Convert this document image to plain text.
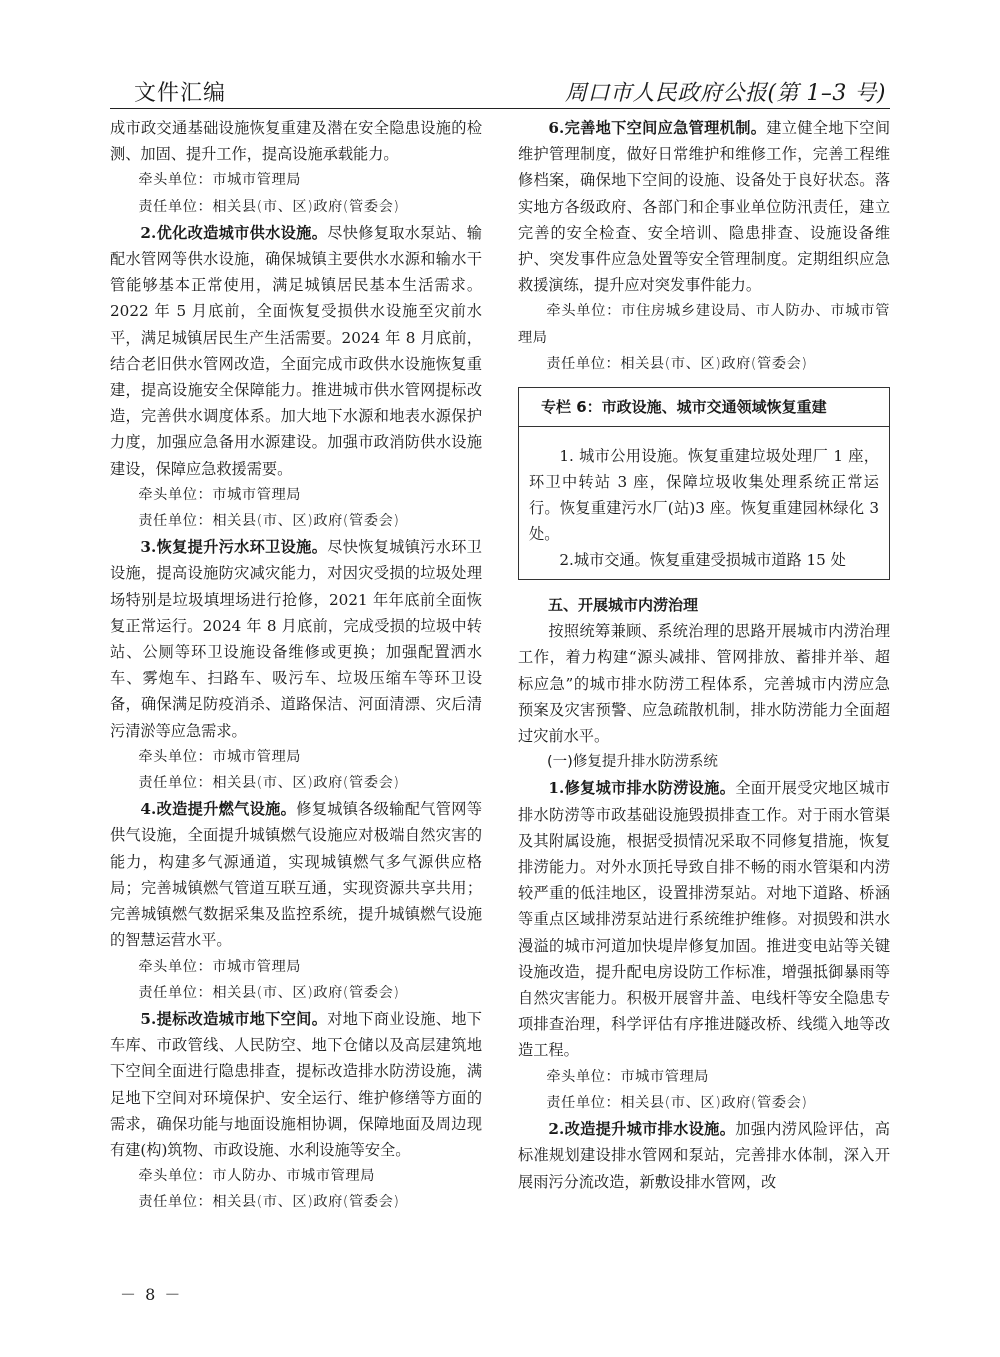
文件汇编	周口市人民政府公报(第 1–3 号)

成市政交通基础设施恢复重建及潜在安全隐患设施的检测、加固、提升工作，提高设施承载能力。

牵头单位：市城市管理局

责任单位：相关县(市、区)政府(管委会)

2.优化改造城市供水设施。尽快修复取水泵站、输配水管网等供水设施，确保城镇主要供水水源和输水干管能够基本正常使用，满足城镇居民基本生活需求。2022 年 5 月底前，全面恢复受损供水设施至灾前水平，满足城镇居民生产生活需要。2024 年 8 月底前，结合老旧供水管网改造，全面完成市政供水设施恢复重建，提高设施安全保障能力。推进城市供水管网提标改造，完善供水调度体系。加大地下水源和地表水源保护力度，加强应急备用水源建设。加强市政消防供水设施建设，保障应急救援需要。

牵头单位：市城市管理局

责任单位：相关县(市、区)政府(管委会)

3.恢复提升污水环卫设施。尽快恢复城镇污水环卫设施，提高设施防灾减灾能力，对因灾受损的垃圾处理场特别是垃圾填埋场进行抢修，2021 年年底前全面恢复正常运行。2024 年 8 月底前，完成受损的垃圾中转站、公厕等环卫设施设备维修或更换；加强配置洒水车、雾炮车、扫路车、吸污车、垃圾压缩车等环卫设备，确保满足防疫消杀、道路保洁、河面清漂、灾后清污清淤等应急需求。

牵头单位：市城市管理局

责任单位：相关县(市、区)政府(管委会)

4.改造提升燃气设施。修复城镇各级输配气管网等供气设施，全面提升城镇燃气设施应对极端自然灾害的能力，构建多气源通道，实现城镇燃气多气源供应格局；完善城镇燃气管道互联互通，实现资源共享共用；完善城镇燃气数据采集及监控系统，提升城镇燃气设施的智慧运营水平。

牵头单位：市城市管理局

责任单位：相关县(市、区)政府(管委会)

5.提标改造城市地下空间。对地下商业设施、地下车库、市政管线、人民防空、地下仓储以及高层建筑地下空间全面进行隐患排查，提标改造排水防涝设施，满足地下空间对环境保护、安全运行、维护修缮等方面的需求，确保功能与地面设施相协调，保障地面及周边现有建(构)筑物、市政设施、水利设施等安全。

牵头单位：市人防办、市城市管理局

责任单位：相关县(市、区)政府(管委会)

6.完善地下空间应急管理机制。建立健全地下空间维护管理制度，做好日常维护和维修工作，完善工程维修档案，确保地下空间的设施、设备处于良好状态。落实地方各级政府、各部门和企事业单位防汛责任，建立完善的安全检查、安全培训、隐患排查、设施设备维护、突发事件应急处置等安全管理制度。定期组织应急救援演练，提升应对突发事件能力。

牵头单位：市住房城乡建设局、市人防办、市城市管理局

责任单位：相关县(市、区)政府(管委会)

专栏 6：市政设施、城市交通领域恢复重建

1. 城市公用设施。恢复重建垃圾处理厂 1 座，环卫中转站 3 座，保障垃圾收集处理系统正常运行。恢复重建污水厂(站)3 座。恢复重建园林绿化 3 处。

2.城市交通。恢复重建受损城市道路 15 处

五、开展城市内涝治理

按照统筹兼顾、系统治理的思路开展城市内涝治理工作，着力构建“源头减排、管网排放、蓄排并举、超标应急”的城市排水防涝工程体系，完善城市内涝应急预案及灾害预警、应急疏散机制，排水防涝能力全面超过灾前水平。

(一)修复提升排水防涝系统

1.修复城市排水防涝设施。全面开展受灾地区城市排水防涝等市政基础设施毁损排查工作。对于雨水管渠及其附属设施，根据受损情况采取不同修复措施，恢复排涝能力。对外水顶托导致自排不畅的雨水管渠和内涝较严重的低洼地区，设置排涝泵站。对地下道路、桥涵等重点区域排涝泵站进行系统维护维修。对损毁和洪水漫溢的城市河道加快堤岸修复加固。推进变电站等关键设施改造，提升配电房设防工作标准，增强抵御暴雨等自然灾害能力。积极开展窨井盖、电线杆等安全隐患专项排查治理，科学评估有序推进隧改桥、线缆入地等改造工程。

牵头单位：市城市管理局

责任单位：相关县(市、区)政府(管委会)

2.改造提升城市排水设施。加强内涝风险评估，高标准规划建设排水管网和泵站，完善排水体制，深入开展雨污分流改造，新敷设排水管网，改

－ 8 －
